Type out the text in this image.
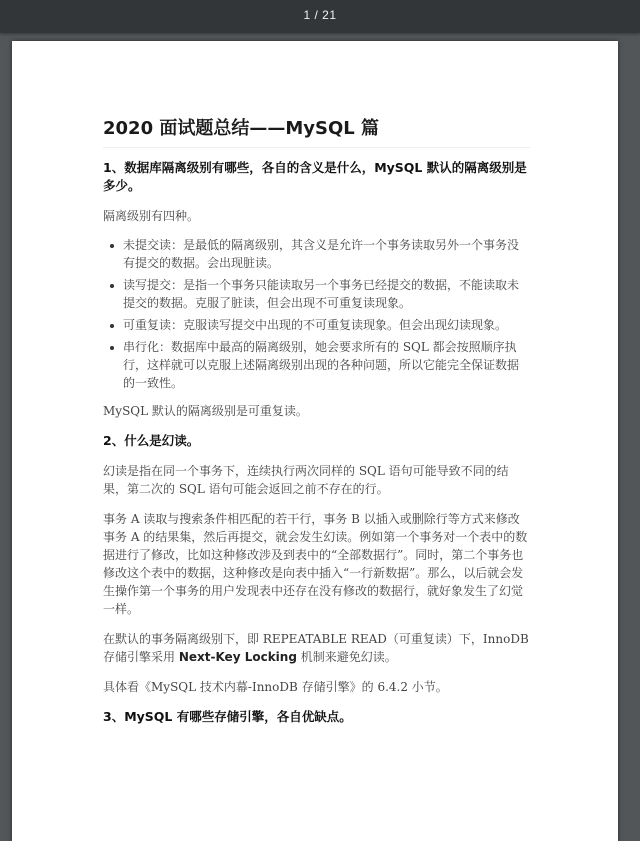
1 / 21
2020 面试题总结——MySQL 篇
1、数据库隔离级别有哪些，各自的含义是什么，MySQL 默认的隔离级别是多少。

隔离级别有四种。

未提交读：是最低的隔离级别，其含义是允许一个事务读取另外一个事务没有提交的数据。会出现脏读。
读写提交：是指一个事务只能读取另一个事务已经提交的数据，不能读取未提交的数据。克服了脏读，但会出现不可重复读现象。
可重复读：克服读写提交中出现的不可重复读现象。但会出现幻读现象。
串行化：数据库中最高的隔离级别，她会要求所有的 SQL 都会按照顺序执行，这样就可以克服上述隔离级别出现的各种问题，所以它能完全保证数据的一致性。

MySQL 默认的隔离级别是可重复读。

2、什么是幻读。

幻读是指在同一个事务下，连续执行两次同样的 SQL 语句可能导致不同的结果，第二次的 SQL 语句可能会返回之前不存在的行。

事务 A 读取与搜索条件相匹配的若干行，事务 B 以插入或删除行等方式来修改事务 A 的结果集，然后再提交，就会发生幻读。例如第一个事务对一个表中的数据进行了修改，比如这种修改涉及到表中的“全部数据行”。同时，第二个事务也修改这个表中的数据，这种修改是向表中插入“一行新数据”。那么，以后就会发生操作第一个事务的用户发现表中还存在没有修改的数据行，就好象发生了幻觉一样。

在默认的事务隔离级别下，即 REPEATABLE READ（可重复读）下，InnoDB 存储引擎采用 Next-Key Locking 机制来避免幻读。

具体看《MySQL 技术内幕-InnoDB 存储引擎》的 6.4.2 小节。

3、MySQL 有哪些存储引擎，各自优缺点。
